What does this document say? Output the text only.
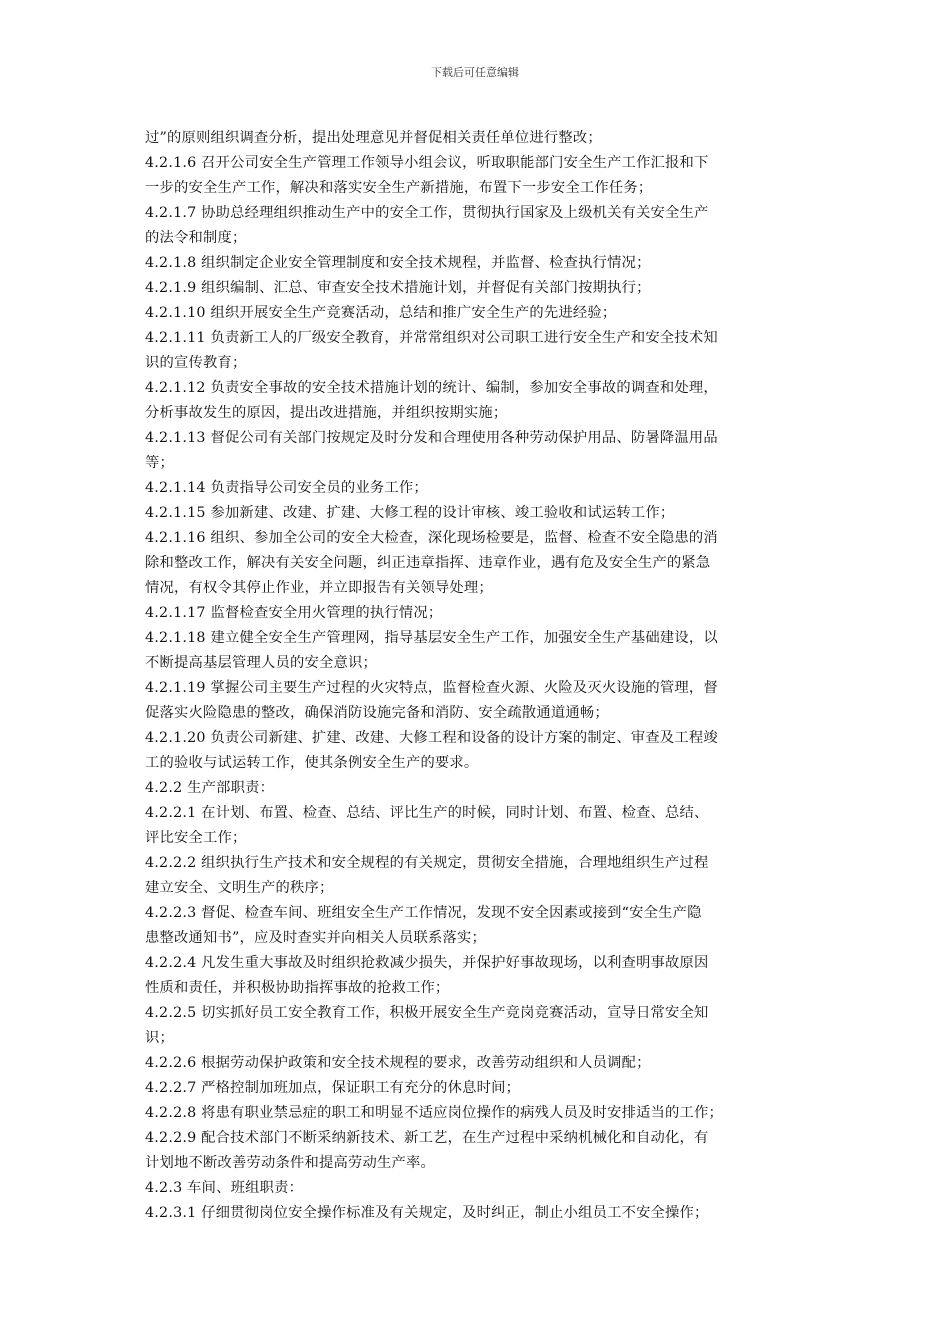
下载后可任意编辑
过”的原则组织调查分析，提出处理意见并督促相关责任单位进行整改；
4.2.1.6 召开公司安全生产管理工作领导小组会议，听取职能部门安全生产工作汇报和下
一步的安全生产工作，解决和落实安全生产新措施，布置下一步安全工作任务；
4.2.1.7 协助总经理组织推动生产中的安全工作，贯彻执行国家及上级机关有关安全生产
的法令和制度；
4.2.1.8 组织制定企业安全管理制度和安全技术规程，并监督、检查执行情况；
4.2.1.9 组织编制、汇总、审查安全技术措施计划，并督促有关部门按期执行；
4.2.1.10 组织开展安全生产竞赛活动，总结和推广安全生产的先进经验；
4.2.1.11 负责新工人的厂级安全教育，并常常组织对公司职工进行安全生产和安全技术知
识的宣传教育；
4.2.1.12 负责安全事故的安全技术措施计划的统计、编制，参加安全事故的调查和处理，
分析事故发生的原因，提出改进措施，并组织按期实施；
4.2.1.13 督促公司有关部门按规定及时分发和合理使用各种劳动保护用品、防暑降温用品
等；
4.2.1.14 负责指导公司安全员的业务工作；
4.2.1.15 参加新建、改建、扩建、大修工程的设计审核、竣工验收和试运转工作；
4.2.1.16 组织、参加全公司的安全大检查，深化现场检要是，监督、检查不安全隐患的消
除和整改工作，解决有关安全问题，纠正违章指挥、违章作业，遇有危及安全生产的紧急
情况，有权令其停止作业，并立即报告有关领导处理；
4.2.1.17 监督检查安全用火管理的执行情况；
4.2.1.18 建立健全安全生产管理网，指导基层安全生产工作，加强安全生产基础建设，以
不断提高基层管理人员的安全意识；
4.2.1.19 掌握公司主要生产过程的火灾特点，监督检查火源、火险及灭火设施的管理，督
促落实火险隐患的整改，确保消防设施完备和消防、安全疏散通道通畅；
4.2.1.20 负责公司新建、扩建、改建、大修工程和设备的设计方案的制定、审查及工程竣
工的验收与试运转工作，使其条例安全生产的要求。
4.2.2 生产部职责：
4.2.2.1 在计划、布置、检查、总结、评比生产的时候，同时计划、布置、检查、总结、
评比安全工作；
4.2.2.2 组织执行生产技术和安全规程的有关规定，贯彻安全措施，合理地组织生产过程
建立安全、文明生产的秩序；
4.2.2.3 督促、检查车间、班组安全生产工作情况，发现不安全因素或接到“安全生产隐
患整改通知书”，应及时查实并向相关人员联系落实；
4.2.2.4 凡发生重大事故及时组织抢救减少损失，并保护好事故现场，以利查明事故原因
性质和责任，并积极协助指挥事故的抢救工作；
4.2.2.5 切实抓好员工安全教育工作，积极开展安全生产竞岗竞赛活动，宣导日常安全知
识；
4.2.2.6 根据劳动保护政策和安全技术规程的要求，改善劳动组织和人员调配；
4.2.2.7 严格控制加班加点，保证职工有充分的休息时间；
4.2.2.8 将患有职业禁忌症的职工和明显不适应岗位操作的病残人员及时安排适当的工作；
4.2.2.9 配合技术部门不断采纳新技术、新工艺，在生产过程中采纳机械化和自动化，有
计划地不断改善劳动条件和提高劳动生产率。
4.2.3 车间、班组职责：
4.2.3.1 仔细贯彻岗位安全操作标准及有关规定，及时纠正，制止小组员工不安全操作；
